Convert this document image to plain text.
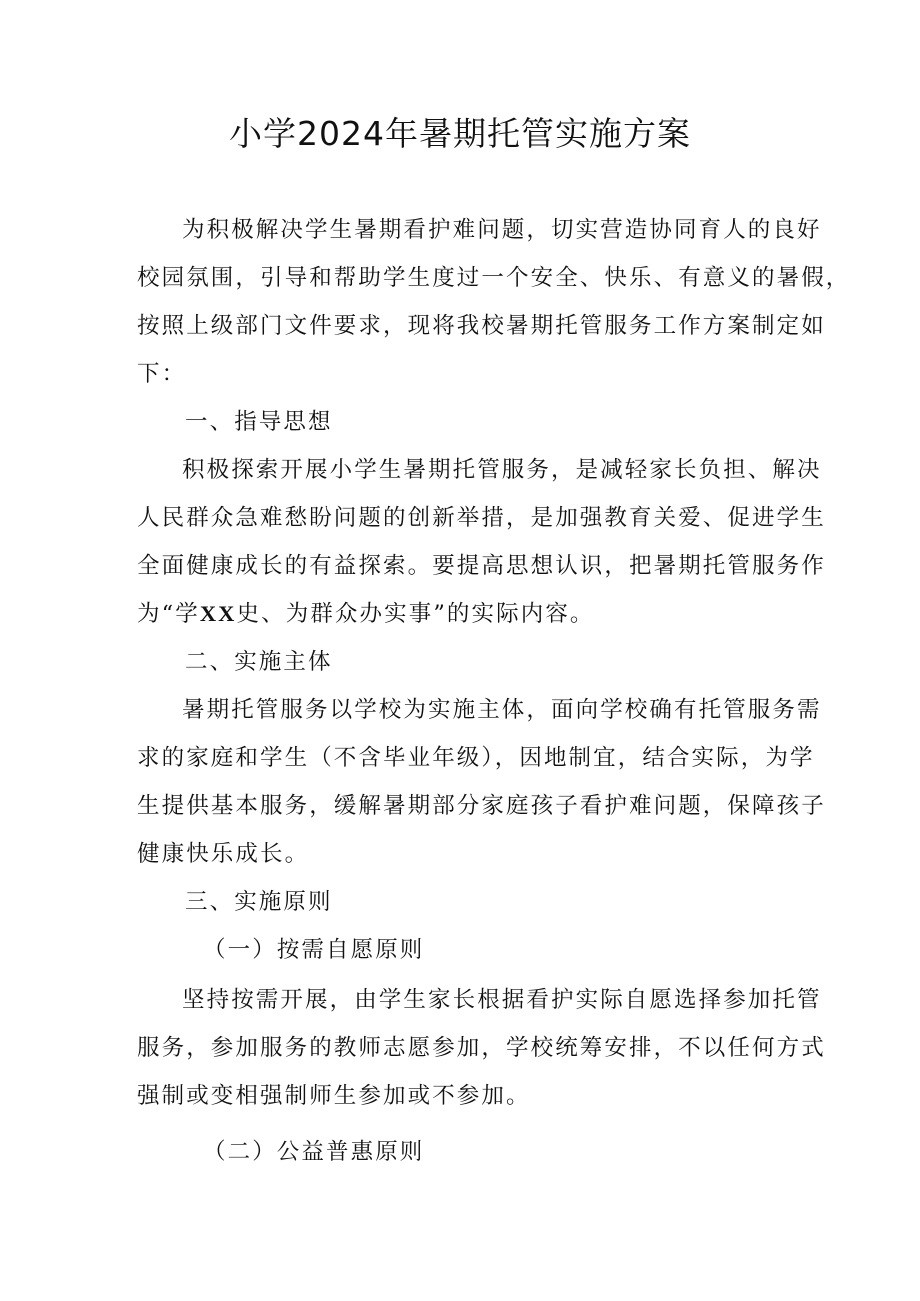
小学2024年暑期托管实施方案

为积极解决学生暑期看护难问题，切实营造协同育人的良好
校园氛围，引导和帮助学生度过一个安全、快乐、有意义的暑假，
按照上级部门文件要求，现将我校暑期托管服务工作方案制定如
下：

一、指导思想

积极探索开展小学生暑期托管服务，是减轻家长负担、解决
人民群众急难愁盼问题的创新举措，是加强教育关爱、促进学生
全面健康成长的有益探索。要提高思想认识，把暑期托管服务作
为“学XX史、为群众办实事”的实际内容。

二、实施主体

暑期托管服务以学校为实施主体，面向学校确有托管服务需
求的家庭和学生（不含毕业年级），因地制宜，结合实际，为学
生提供基本服务，缓解暑期部分家庭孩子看护难问题，保障孩子
健康快乐成长。

三、实施原则
（一）按需自愿原则

坚持按需开展，由学生家长根据看护实际自愿选择参加托管
服务，参加服务的教师志愿参加，学校统筹安排，不以任何方式
强制或变相强制师生参加或不参加。

（二）公益普惠原则
